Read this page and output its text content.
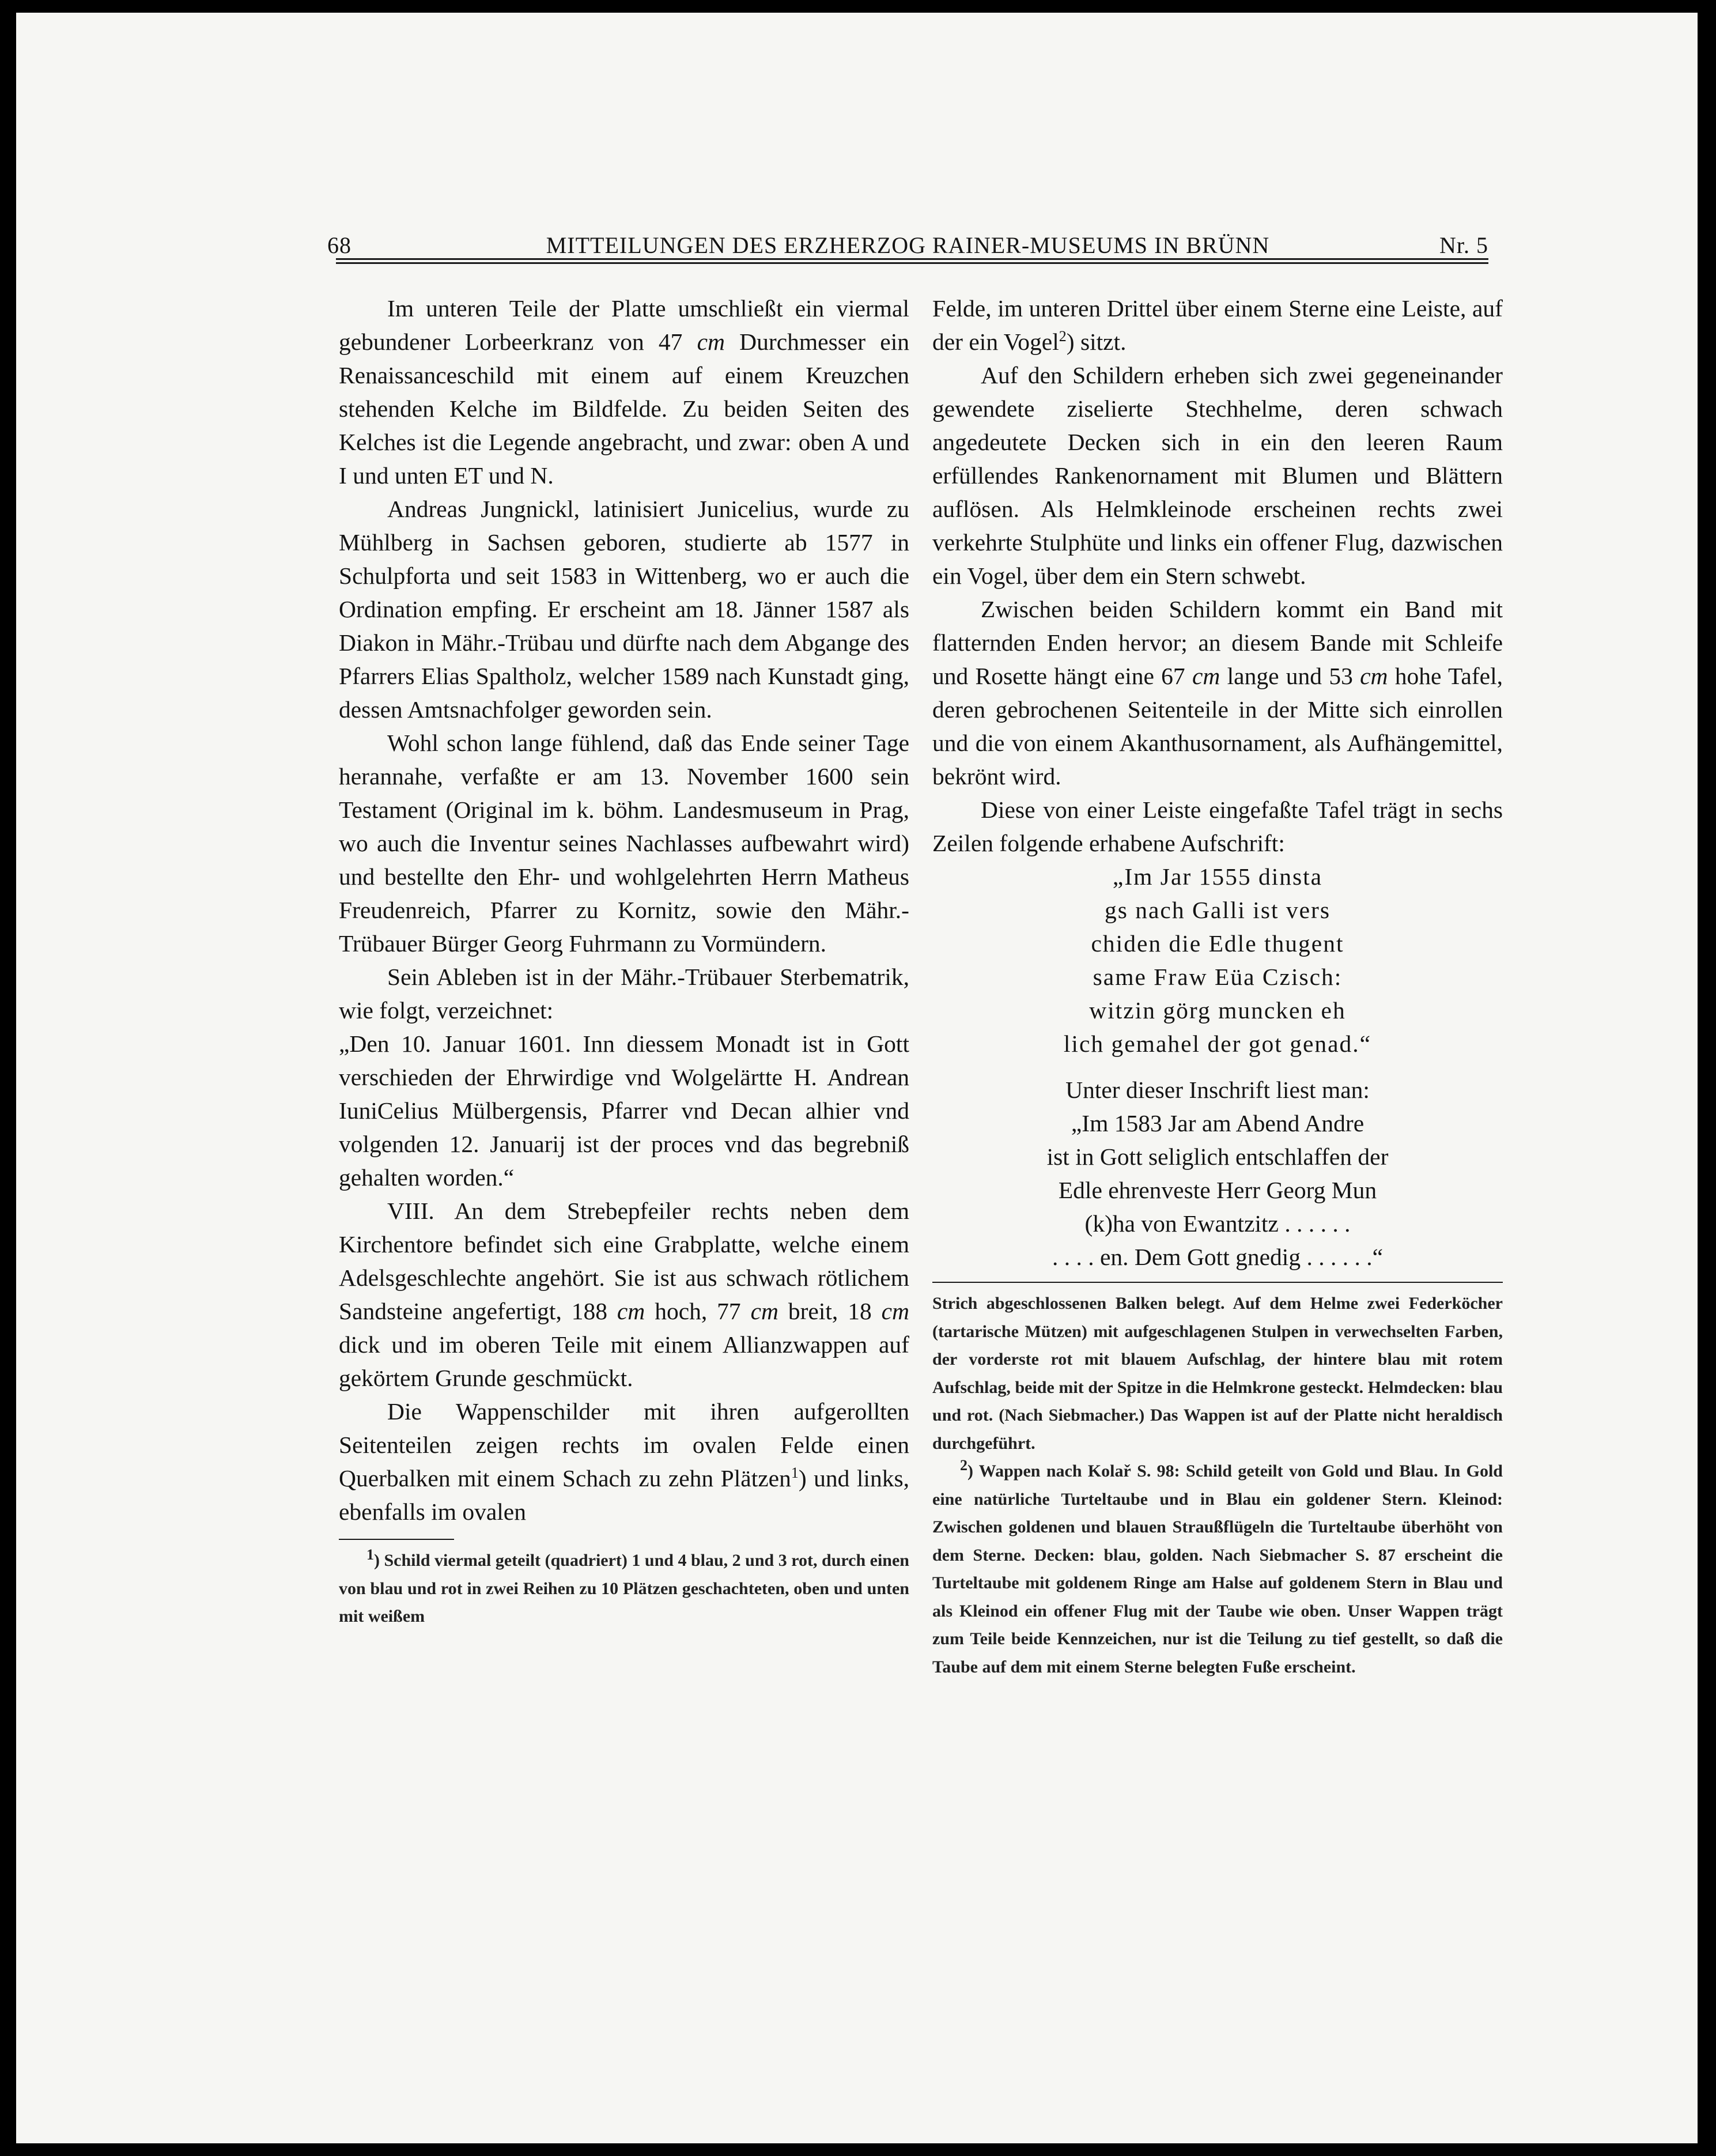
68	MITTEILUNGEN DES ERZHERZOG RAINER-MUSEUMS IN BRÜNN	Nr. 5

Im unteren Teile der Platte umschließt ein viermal gebundener Lorbeerkranz von 47 cm Durchmesser ein Renaissanceschild mit einem auf einem Kreuzchen stehenden Kelche im Bildfelde. Zu beiden Seiten des Kelches ist die Legende angebracht, und zwar: oben A und I und unten ET und N.

Andreas Jungnickl, latinisiert Junicelius, wurde zu Mühlberg in Sachsen geboren, studierte ab 1577 in Schulpforta und seit 1583 in Wittenberg, wo er auch die Ordination empfing. Er erscheint am 18. Jänner 1587 als Diakon in Mähr.-Trübau und dürfte nach dem Abgange des Pfarrers Elias Spaltholz, welcher 1589 nach Kunstadt ging, dessen Amtsnachfolger geworden sein.

Wohl schon lange fühlend, daß das Ende seiner Tage herannahe, verfaßte er am 13. November 1600 sein Testament (Original im k. böhm. Landesmuseum in Prag, wo auch die Inventur seines Nachlasses aufbewahrt wird) und bestellte den Ehr- und wohlgelehrten Herrn Matheus Freudenreich, Pfarrer zu Kornitz, sowie den Mähr.-Trübauer Bürger Georg Fuhrmann zu Vormündern.

Sein Ableben ist in der Mähr.-Trübauer Sterbematrik, wie folgt, verzeichnet:

„Den 10. Januar 1601. Inn diessem Monadt ist in Gott verschieden der Ehrwirdige vnd Wolgelärtte H. Andrean IuniCelius Mülbergensis, Pfarrer vnd Decan alhier vnd volgenden 12. Januarij ist der proces vnd das begrebniß gehalten worden.“

VIII. An dem Strebepfeiler rechts neben dem Kirchentore befindet sich eine Grabplatte, welche einem Adelsgeschlechte angehört. Sie ist aus schwach rötlichem Sandsteine angefertigt, 188 cm hoch, 77 cm breit, 18 cm dick und im oberen Teile mit einem Allianzwappen auf gekörtem Grunde geschmückt.

Die Wappenschilder mit ihren aufgerollten Seitenteilen zeigen rechts im ovalen Felde einen Querbalken mit einem Schach zu zehn Plätzen$^1$) und links, ebenfalls im ovalen

$^1$) Schild viermal geteilt (quadriert) 1 und 4 blau, 2 und 3 rot, durch einen von blau und rot in zwei Reihen zu 10 Plätzen geschachteten, oben und unten mit weißem

Felde, im unteren Drittel über einem Sterne eine Leiste, auf der ein Vogel$^2$) sitzt.

Auf den Schildern erheben sich zwei gegeneinander gewendete ziselierte Stechhelme, deren schwach angedeutete Decken sich in ein den leeren Raum erfüllendes Rankenornament mit Blumen und Blättern auflösen. Als Helmkleinode erscheinen rechts zwei verkehrte Stulphüte und links ein offener Flug, dazwischen ein Vogel, über dem ein Stern schwebt.

Zwischen beiden Schildern kommt ein Band mit flatternden Enden hervor; an diesem Bande mit Schleife und Rosette hängt eine 67 cm lange und 53 cm hohe Tafel, deren gebrochenen Seitenteile in der Mitte sich einrollen und die von einem Akanthusornament, als Aufhängemittel, bekrönt wird.

Diese von einer Leiste eingefaßte Tafel trägt in sechs Zeilen folgende erhabene Aufschrift:

„Im Jar 1555 dinsta
gs nach Galli ist vers
chiden die Edle thugent
same Fraw Eüa Czisch:
witzin görg muncken eh
lich gemahel der got genad.“

Unter dieser Inschrift liest man:

„Im 1583 Jar am Abend Andre
ist in Gott seliglich entschlaffen der
Edle ehrenveste Herr Georg Mun
(k)ha von Ewantzitz . . . . . .
. . . . en. Dem Gott gnedig . . . . . .“

Strich abgeschlossenen Balken belegt. Auf dem Helme zwei Federköcher (tartarische Mützen) mit aufgeschlagenen Stulpen in verwechselten Farben, der vorderste rot mit blauem Aufschlag, der hintere blau mit rotem Aufschlag, beide mit der Spitze in die Helmkrone gesteckt. Helmdecken: blau und rot. (Nach Siebmacher.) Das Wappen ist auf der Platte nicht heraldisch durchgeführt.

$^2$) Wappen nach Kolař S. 98: Schild geteilt von Gold und Blau. In Gold eine natürliche Turteltaube und in Blau ein goldener Stern. Kleinod: Zwischen goldenen und blauen Straußflügeln die Turteltaube überhöht von dem Sterne. Decken: blau, golden. Nach Siebmacher S. 87 erscheint die Turteltaube mit goldenem Ringe am Halse auf goldenem Stern in Blau und als Kleinod ein offener Flug mit der Taube wie oben. Unser Wappen trägt zum Teile beide Kennzeichen, nur ist die Teilung zu tief gestellt, so daß die Taube auf dem mit einem Sterne belegten Fuße erscheint.
